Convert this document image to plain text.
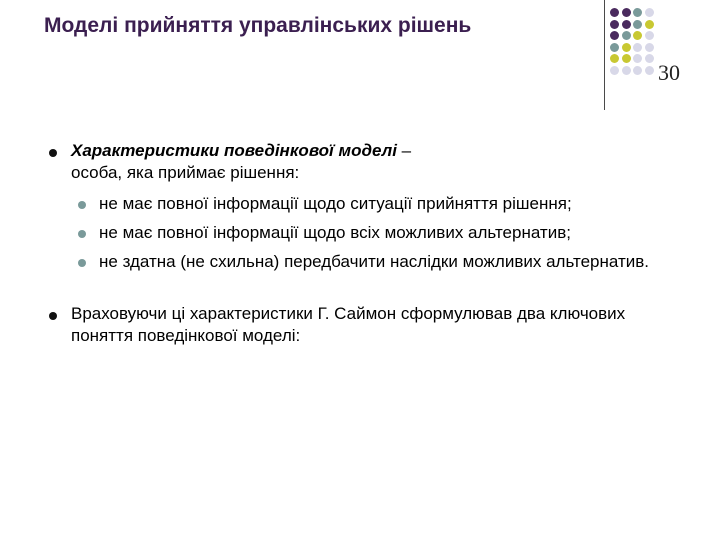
Моделі прийняття управлінських рішень
30
Характеристики поведінкової моделі –
особа, яка приймає рішення:
не має повної інформації щодо ситуації прийняття рішення;
не має повної інформації щодо всіх можливих альтернатив;
не здатна (не схильна) передбачити наслідки можливих альтернатив.
Враховуючи ці характеристики Г. Саймон сформулював два ключових поняття поведінкової моделі:
